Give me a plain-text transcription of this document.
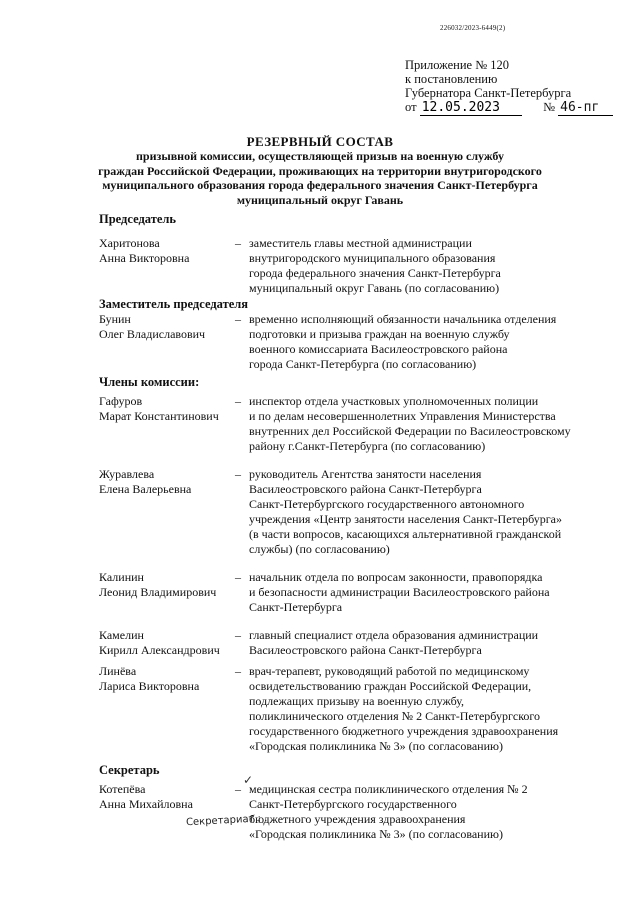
226032/2023-6449(2)
Приложение № 120
к постановлению
Губернатора Санкт-Петербурга
от 12.05.2023	№ 46-пг
РЕЗЕРВНЫЙ СОСТАВ
призывной комиссии, осуществляющей призыв на военную службу
граждан Российской Федерации, проживающих на территории внутригородского
муниципального образования города федерального значения Санкт-Петербурга
муниципальный округ Гавань
Председатель
Харитонова
Анна Викторовна
– заместитель главы местной администрации
внутригородского муниципального образования
города федерального значения Санкт-Петербурга
муниципальный округ Гавань (по согласованию)
Заместитель председателя
Бунин
Олег Владиславович
– временно исполняющий обязанности начальника отделения
подготовки и призыва граждан на военную службу
военного комиссариата Василеостровского района
города Санкт-Петербурга (по согласованию)
Члены комиссии:
Гафуров
Марат Константинович
– инспектор отдела участковых уполномоченных полиции
и по делам несовершеннолетних Управления Министерства
внутренних дел Российской Федерации по Василеостровскому
району г.Санкт-Петербурга (по согласованию)
Журавлева
Елена Валерьевна
– руководитель Агентства занятости населения
Василеостровского района Санкт-Петербурга
Санкт-Петербургского государственного автономного
учреждения «Центр занятости населения Санкт-Петербурга»
(в части вопросов, касающихся альтернативной гражданской
службы) (по согласованию)
Калинин
Леонид Владимирович
– начальник отдела по вопросам законности, правопорядка
и безопасности администрации Василеостровского района
Санкт-Петербурга
Камелин
Кирилл Александрович
– главный специалист отдела образования администрации
Василеостровского района Санкт-Петербурга
Линёва
Лариса Викторовна
– врач-терапевт, руководящий работой по медицинскому
освидетельствованию граждан Российской Федерации,
подлежащих призыву на военную службу,
поликлинического отделения № 2 Санкт-Петербургского
государственного бюджетного учреждения здравоохранения
«Городская поликлиника № 3» (по согласованию)
Секретарь
Котепёва
Анна Михайловна
– медицинская сестра поликлинического отделения № 2
Санкт-Петербургского государственного
бюджетного учреждения здравоохранения
«Городская поликлиника № 3» (по согласованию)
✓
Секретариат ; . .
